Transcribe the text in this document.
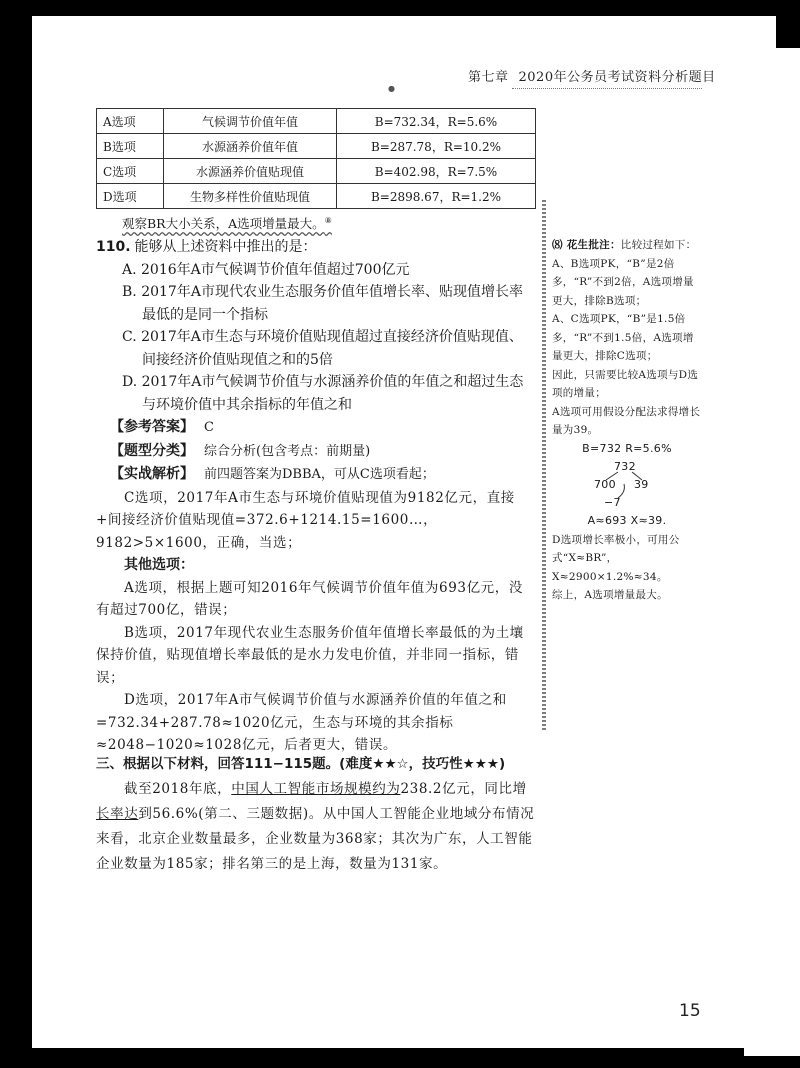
第七章 2020年公务员考试资料分析题目
●
A选项	气候调节价值年值	B=732.34，R=5.6%
B选项	水源涵养价值年值	B=287.78，R=10.2%
C选项	水源涵养价值贴现值	B=402.98，R=7.5%
D选项	生物多样性价值贴现值	B=2898.67，R=1.2%
观察BR大小关系，A选项增量最大。⑧

110. 能够从上述资料中推出的是：

A. 2016年A市气候调节价值年值超过700亿元
B. 2017年A市现代农业生态服务价值年值增长率、贴现值增长率最低的是同一个指标
C. 2017年A市生态与环境价值贴现值超过直接经济价值贴现值、间接经济价值贴现值之和的5倍
D. 2017年A市气候调节价值与水源涵养价值的年值之和超过生态与环境价值中其余指标的年值之和
【参考答案】 C
【题型分类】 综合分析(包含考点：前期量)
【实战解析】 前四题答案为DBBA，可从C选项看起；
C选项，2017年A市生态与环境价值贴现值为9182亿元，直接+间接经济价值贴现值=372.6+1214.15=1600…，9182>5×1600，正确，当选；
其他选项：
A选项，根据上题可知2016年气候调节价值年值为693亿元，没有超过700亿，错误；
B选项，2017年现代农业生态服务价值年值增长率最低的为土壤保持价值，贴现值增长率最低的是水力发电价值，并非同一指标，错误；
D选项，2017年A市气候调节价值与水源涵养价值的年值之和=732.34+287.78≈1020亿元，生态与环境的其余指标≈2048−1020≈1028亿元，后者更大，错误。
三、根据以下材料，回答111−115题。(难度★★☆，技巧性★★★)
截至2018年底，中国人工智能市场规模约为238.2亿元，同比增长率达到56.6%(第二、三题数据)。从中国人工智能企业地域分布情况来看，北京企业数量最多，企业数量为368家；其次为广东，人工智能企业数量为185家；排名第三的是上海，数量为131家。
⑻ 花生批注：比较过程如下：
A、B选项PK，“B”是2倍多，“R”不到2倍，A选项增量更大，排除B选项；
A、C选项PK，“B”是1.5倍多，“R”不到1.5倍，A选项增量更大，排除C选项；
因此，只需要比较A选项与D选项的增量；
A选项可用假设分配法求得增长量为39。
B=732 R=5.6%
732
700 39
−7
A≈693 X≈39.
D选项增长率极小，可用公式“X≈BR”，X≈2900×1.2%≈34。
综上，A选项增量最大。
15
